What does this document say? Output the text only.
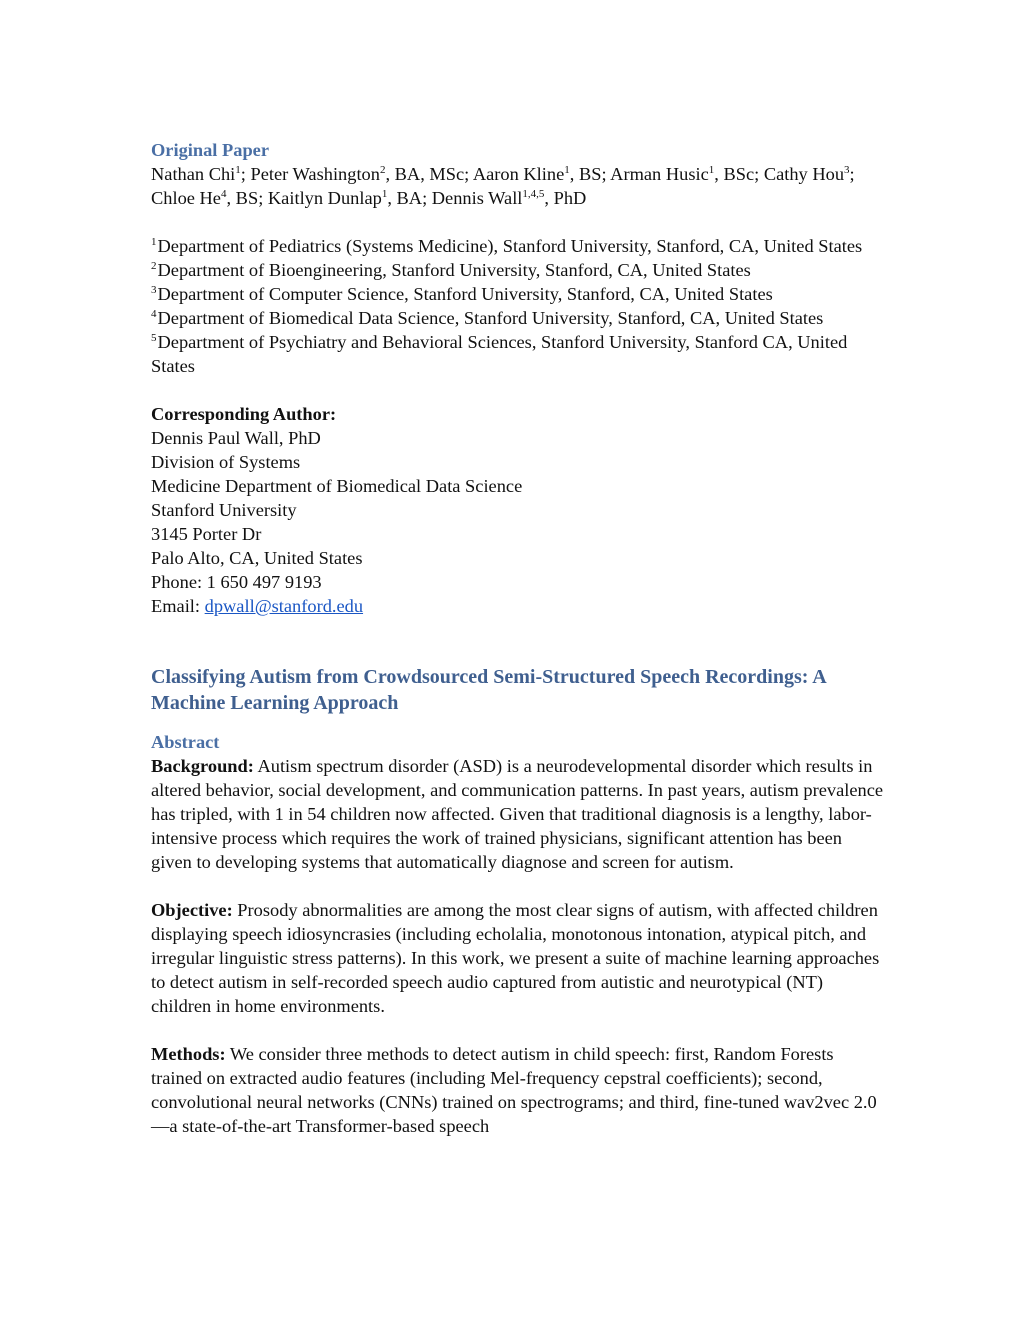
Original Paper

Nathan Chi$^1$; Peter Washington$^2$, BA, MSc; Aaron Kline$^1$, BS; Arman Husic$^1$, BSc; Cathy Hou$^3$; Chloe He$^4$, BS; Kaitlyn Dunlap$^1$, BA; Dennis Wall$^{1,4,5}$, PhD

$^1$Department of Pediatrics (Systems Medicine), Stanford University, Stanford, CA, United States
$^2$Department of Bioengineering, Stanford University, Stanford, CA, United States
$^3$Department of Computer Science, Stanford University, Stanford, CA, United States
$^4$Department of Biomedical Data Science, Stanford University, Stanford, CA, United States
$^5$Department of Psychiatry and Behavioral Sciences, Stanford University, Stanford CA, United States
Corresponding Author:
Dennis Paul Wall, PhD
Division of Systems
Medicine Department of Biomedical Data Science
Stanford University
3145 Porter Dr
Palo Alto, CA, United States
Phone: 1 650 497 9193
Email: dpwall@stanford.edu
Classifying Autism from Crowdsourced Semi-Structured Speech Recordings: A Machine Learning Approach
Abstract

Background: Autism spectrum disorder (ASD) is a neurodevelopmental disorder which results in altered behavior, social development, and communication patterns. In past years, autism prevalence has tripled, with 1 in 54 children now affected. Given that traditional diagnosis is a lengthy, labor-intensive process which requires the work of trained physicians, significant attention has been given to developing systems that automatically diagnose and screen for autism.

Objective: Prosody abnormalities are among the most clear signs of autism, with affected children displaying speech idiosyncrasies (including echolalia, monotonous intonation, atypical pitch, and irregular linguistic stress patterns). In this work, we present a suite of machine learning approaches to detect autism in self-recorded speech audio captured from autistic and neurotypical (NT) children in home environments.

Methods: We consider three methods to detect autism in child speech: first, Random Forests trained on extracted audio features (including Mel-frequency cepstral coefficients); second, convolutional neural networks (CNNs) trained on spectrograms; and third, fine-tuned wav2vec 2.0—a state-of-the-art Transformer-based speech
